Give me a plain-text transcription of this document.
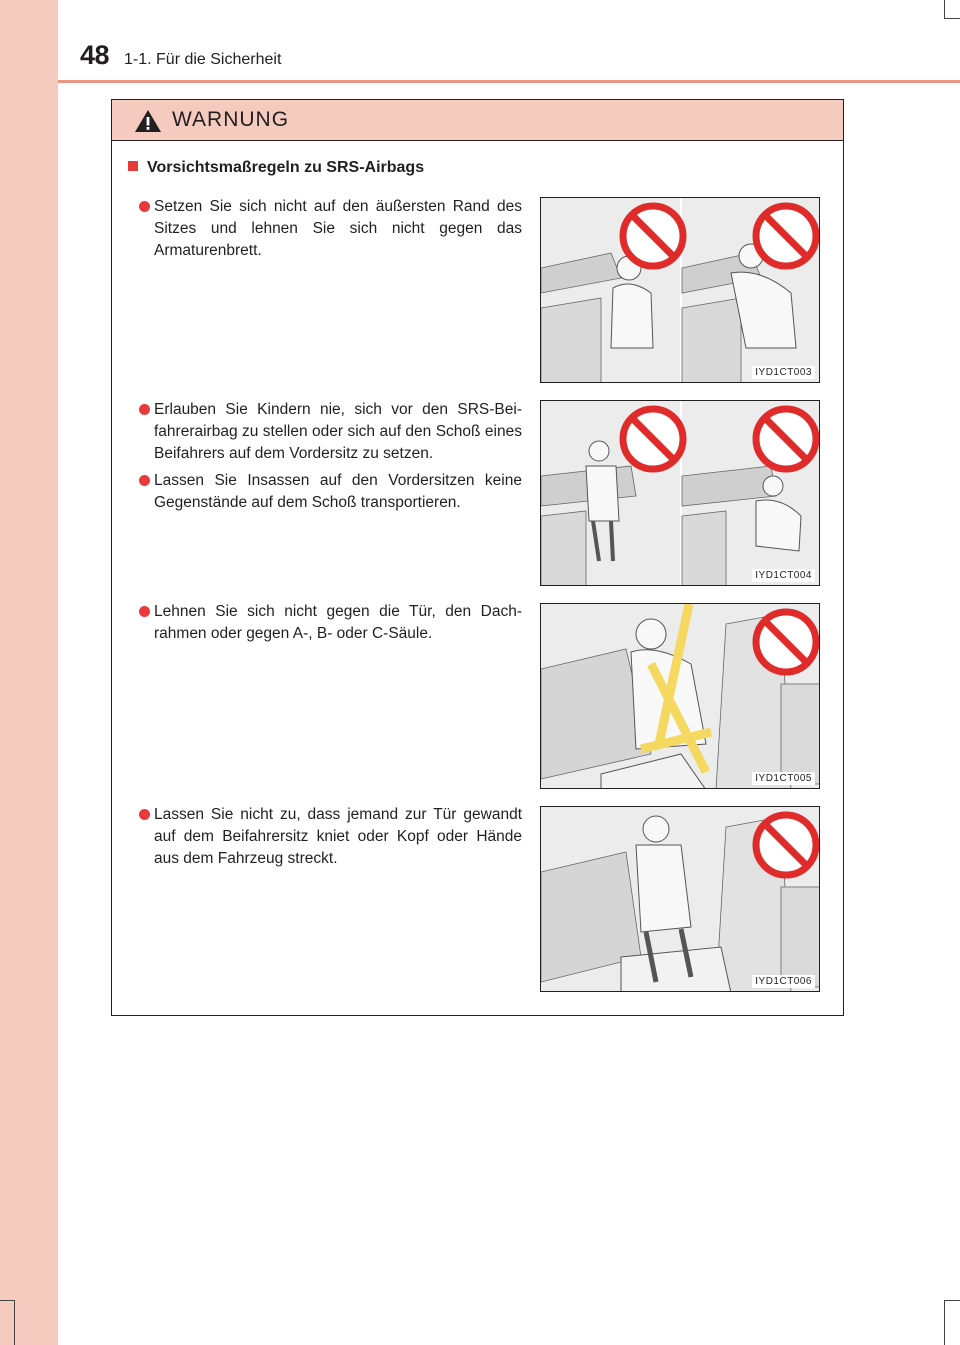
48 1-1. Für die Sicherheit
WARNUNG
Vorsichtsmaßregeln zu SRS-Airbags
Setzen Sie sich nicht auf den äußersten Rand des Sitzes und lehnen Sie sich nicht gegen das Armaturenbrett.
Erlauben Sie Kindern nie, sich vor den SRS-Bei-fahrerairbag zu stellen oder sich auf den Schoß eines Beifahrers auf dem Vordersitz zu setzen.
Lassen Sie Insassen auf den Vordersitzen keine Gegenstände auf dem Schoß transportieren.
Lehnen Sie sich nicht gegen die Tür, den Dach-rahmen oder gegen A-, B- oder C-Säule.
Lassen Sie nicht zu, dass jemand zur Tür gewandt auf dem Beifahrersitz kniet oder Kopf oder Hände aus dem Fahrzeug streckt.
IYD1CT003
IYD1CT004
IYD1CT005
IYD1CT006
